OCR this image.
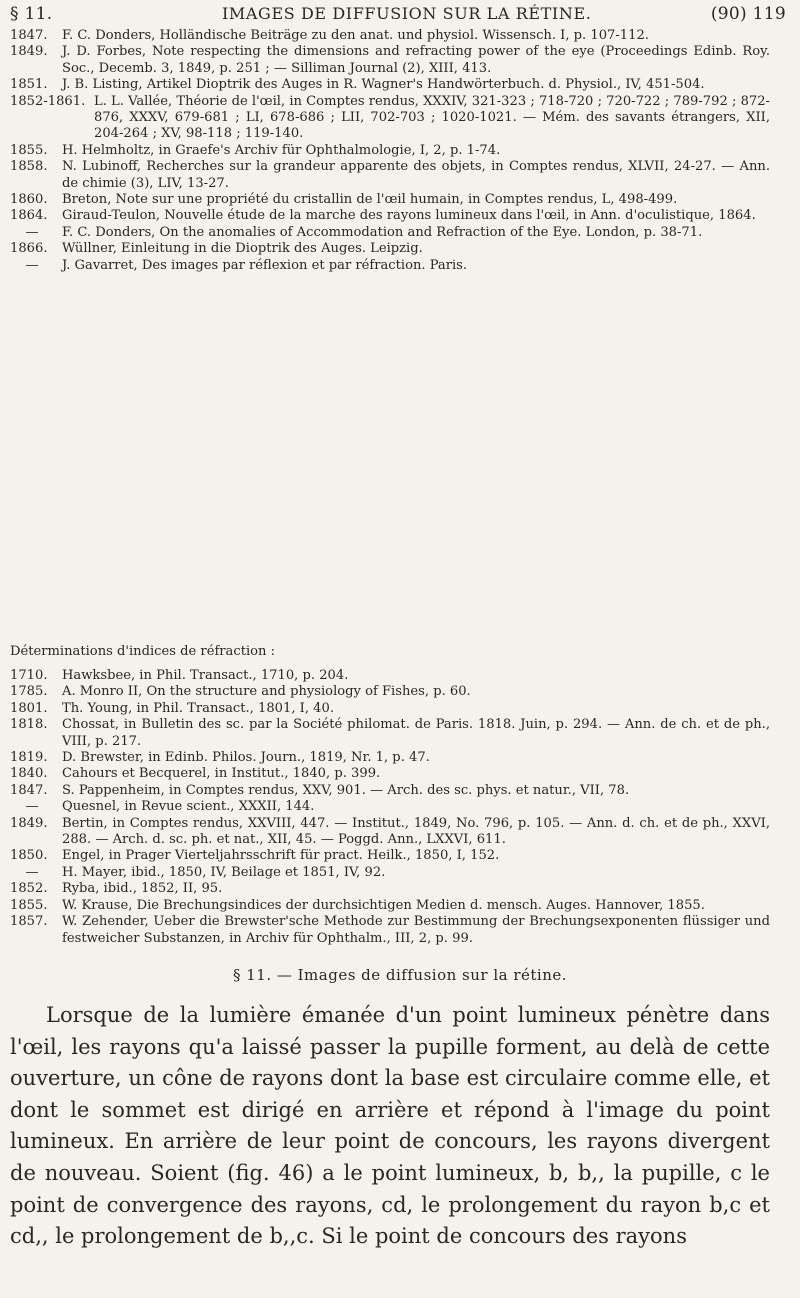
§ 11.	IMAGES DE DIFFUSION SUR LA RÉTINE.	(90) 119
1847.	F. C. Donders, Holländische Beiträge zu den anat. und physiol. Wissensch. I, p. 107-112.
1849.	J. D. Forbes, Note respecting the dimensions and refracting power of the eye (Proceedings Edinb. Roy. Soc., Decemb. 3, 1849, p. 251 ; — Silliman Journal (2), XIII, 413.
1851.	J. B. Listing, Artikel Dioptrik des Auges in R. Wagner's Handwörterbuch. d. Physiol., IV, 451-504.
1852-1861. L. L. Vallée, Théorie de l'œil, in Comptes rendus, XXXIV, 321-323 ; 718-720 ; 720-722 ; 789-792 ; 872-876, XXXV, 679-681 ; LI, 678-686 ; LII, 702-703 ; 1020-1021. — Mém. des savants étrangers, XII, 204-264 ; XV, 98-118 ; 119-140.
1855.	H. Helmholtz, in Graefe's Archiv für Ophthalmologie, I, 2, p. 1-74.
1858.	N. Lubinoff, Recherches sur la grandeur apparente des objets, in Comptes rendus, XLVII, 24-27. — Ann. de chimie (3), LIV, 13-27.
1860.	Breton, Note sur une propriété du cristallin de l'œil humain, in Comptes rendus, L, 498-499.
1864.	Giraud-Teulon, Nouvelle étude de la marche des rayons lumineux dans l'œil, in Ann. d'oculistique, 1864.
—	F. C. Donders, On the anomalies of Accommodation and Refraction of the Eye. London, p. 38-71.
1866.	Wüllner, Einleitung in die Dioptrik des Auges. Leipzig.
—	J. Gavarret, Des images par réflexion et par réfraction. Paris.
Déterminations d'indices de réfraction :
1710.	Hawksbee, in Phil. Transact., 1710, p. 204.
1785.	A. Monro II, On the structure and physiology of Fishes, p. 60.
1801.	Th. Young, in Phil. Transact., 1801, I, 40.
1818.	Chossat, in Bulletin des sc. par la Société philomat. de Paris. 1818. Juin, p. 294. — Ann. de ch. et de ph., VIII, p. 217.
1819.	D. Brewster, in Edinb. Philos. Journ., 1819, Nr. 1, p. 47.
1840.	Cahours et Becquerel, in Institut., 1840, p. 399.
1847.	S. Pappenheim, in Comptes rendus, XXV, 901. — Arch. des sc. phys. et natur., VII, 78.
—	Quesnel, in Revue scient., XXXII, 144.
1849.	Bertin, in Comptes rendus, XXVIII, 447. — Institut., 1849, No. 796, p. 105. — Ann. d. ch. et de ph., XXVI, 288. — Arch. d. sc. ph. et nat., XII, 45. — Poggd. Ann., LXXVI, 611.
1850.	Engel, in Prager Vierteljahrsschrift für pract. Heilk., 1850, I, 152.
—	H. Mayer, ibid., 1850, IV, Beilage et 1851, IV, 92.
1852.	Ryba, ibid., 1852, II, 95.
1855.	W. Krause, Die Brechungsindices der durchsichtigen Medien d. mensch. Auges. Hannover, 1855.
1857.	W. Zehender, Ueber die Brewster'sche Methode zur Bestimmung der Brechungsexponenten flüssiger und festweicher Substanzen, in Archiv für Ophthalm., III, 2, p. 99.
§ 11. — Images de diffusion sur la rétine.
Lorsque de la lumière émanée d'un point lumineux pénètre dans l'œil, les rayons qu'a laissé passer la pupille forment, au delà de cette ouverture, un cône de rayons dont la base est circulaire comme elle, et dont le sommet est dirigé en arrière et répond à l'image du point lumineux. En arrière de leur point de concours, les rayons divergent de nouveau. Soient (fig. 46) a le point lumineux, b, b,, la pupille, c le point de convergence des rayons, cd, le prolongement du rayon b,c et cd,, le prolongement de b,,c. Si le point de concours des rayons
